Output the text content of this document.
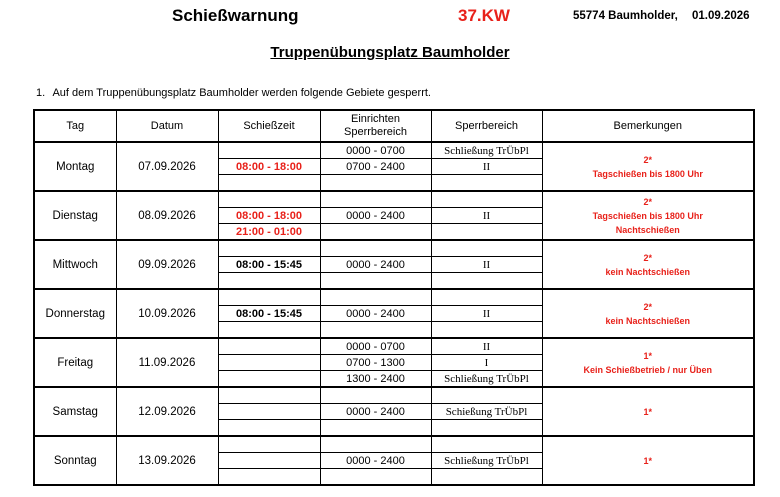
Schießwarnung	37.KW	55774 Baumholder, 01.09.2026
Truppenübungsplatz Baumholder
1. Auf dem Truppenübungsplatz Baumholder werden folgende Gebiete gesperrt.
Tag	Datum	Schießzeit	Einrichten Sperrbereich	Sperrbereich	Bemerkungen
Montag	07.09.2026		0000 - 0700	Schließung TrÜbPl	2*
Tagschießen bis 1800 Uhr

		08:00 - 18:00	0700 - 2400	II	

Dienstag	08.09.2026				2*
Tagschießen bis 1800 Uhr
Nachtschießen

		08:00 - 18:00	0000 - 2400	II	
		21:00 - 01:00			
Mittwoch	09.09.2026				2*
kein Nachtschießen

		08:00 - 15:45	0000 - 2400	II	

Donnerstag	10.09.2026				2*
kein Nachtschießen

		08:00 - 15:45	0000 - 2400	II	

Freitag	11.09.2026		0000 - 0700	II	1*
Kein Schießbetrieb / nur Üben

			0700 - 1300	I	
			1300 - 2400	Schließung TrÜbPl	
Samstag	12.09.2026				1*

			0000 - 2400	Schießung TrÜbPl	

Sonntag	13.09.2026				1*

			0000 - 2400	Schließung TrÜbPl	
